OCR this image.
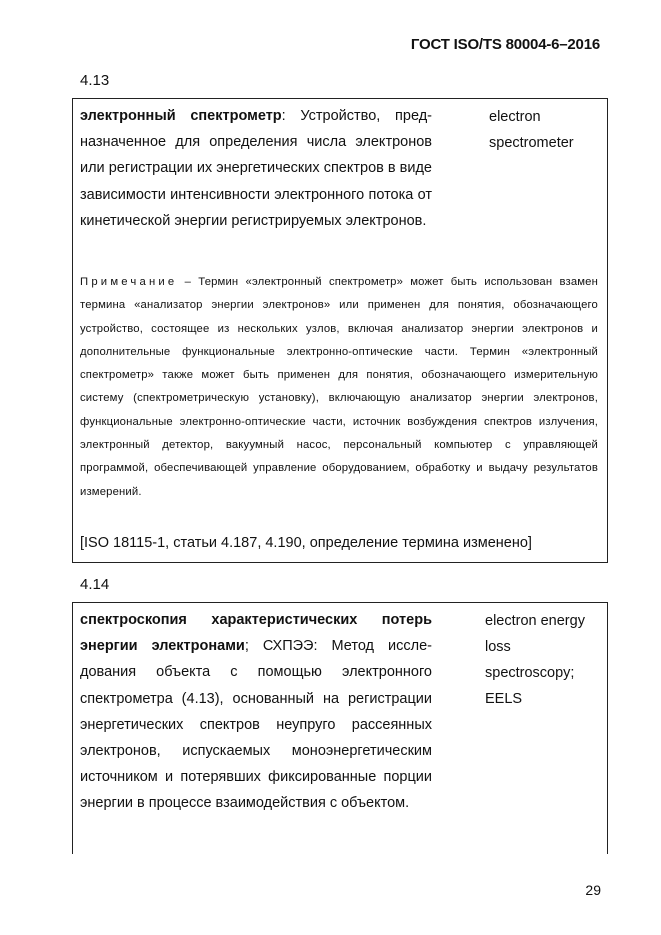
ГОСТ ISO/TS 80004-6–2016
4.13

электронный спектрометр: Устройство, предназначенное для определения числа электронов или регистрации их энергетических спектров в виде зависимости интенсивности электронного потока от кинетической энергии регистрируемых электронов.

electron
spectrometer
Примечание – Термин «электронный спектрометр» может быть использован взамен термина «анализатор энергии электронов» или применен для понятия, обозначающего устройство, состоящее из нескольких узлов, включая анализатор энергии электронов и дополнительные функциональные электронно-оптические части. Термин «электронный спектрометр» также может быть применен для понятия, обозначающего измерительную систему (спектрометрическую установку), включающую анализатор энергии электронов, функциональные электронно-оптические части, источник возбуждения спектров излучения, электронный детектор, вакуумный насос, персональный компьютер с управляющей программой, обеспечивающей управление оборудованием, обработку и выдачу результатов измерений.
[ISO 18115-1, статьи 4.187, 4.190, определение термина изменено]
4.14

спектроскопия характеристических потерь энергии электронами; СХПЭЭ: Метод исследования объекта с помощью электронного спектрометра (4.13), основанный на регистрации энергетических спектров неупруго рассеянных электронов, испускаемых моноэнергетическим источником и потерявших фиксированные порции энергии в процессе взаимодействия с объектом.

electron energy
loss
spectroscopy;
EELS
29
